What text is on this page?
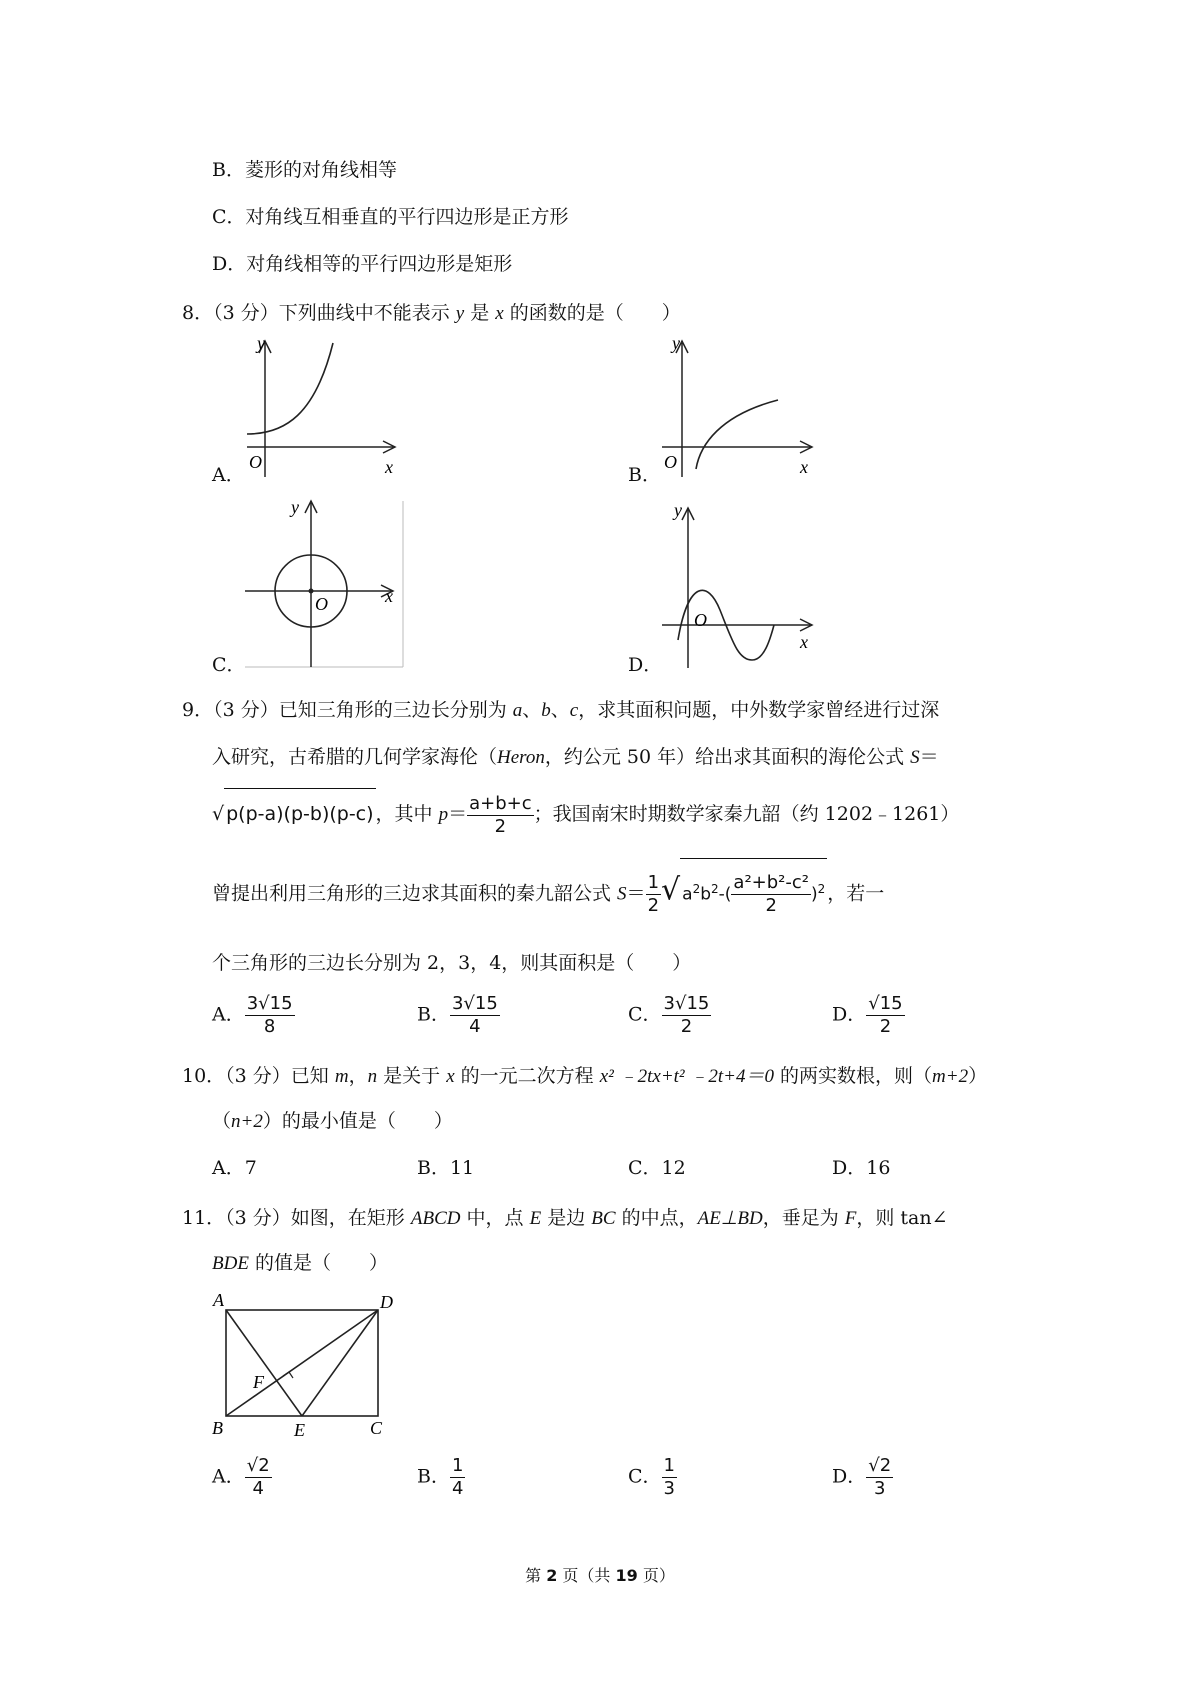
B．菱形的对角线相等
C．对角线互相垂直的平行四边形是正方形
D．对角线相等的平行四边形是矩形
8．（3 分）下列曲线中不能表示 y 是 x 的函数的是（　　）
A．
y
x
O
B．
y
x
O
C．
y
x
O
D．
y
x
O
9．（3 分）已知三角形的三边长分别为 a、b、c，求其面积问题，中外数学家曾经进行过深
入研究，古希腊的几何学家海伦（Heron，约公元 50 年）给出求其面积的海伦公式 S＝
√ p(p-a)(p-b)(p-c) ，其中 $p= \frac{a+b+c}{2}$ ；我国南宋时期数学家秦九韶（约 1202﹣1261）
曾提出利用三角形的三边求其面积的秦九韶公式 $S= \frac{1}{2}$ √ $a^2b^2-( \frac{\text{a²+b²-c²}}{2} )^2$ ，若一
个三角形的三边长分别为 2，3，4，则其面积是（　　）
A． $\frac{3√15}{8}$	B． $\frac{3√15}{4}$	C． $\frac{3√15}{2}$	D． $\frac{√15}{2}$
10．（3 分）已知 m，n 是关于 x 的一元二次方程 x² ﹣2tx+t² ﹣2t+4＝0 的两实数根，则（m+2）
（n+2）的最小值是（　　）
A．7	B．11	C．12	D．16
11．（3 分）如图，在矩形 ABCD 中，点 E 是边 BC 的中点，AE⊥BD，垂足为 F，则 tan∠
BDE 的值是（　　）
A	D
B	E	C
F
A． $\frac{√2}{4}$	B． $\frac{1}{4}$	C． $\frac{1}{3}$	D． $\frac{√2}{3}$
第 2 页（共 19 页）
